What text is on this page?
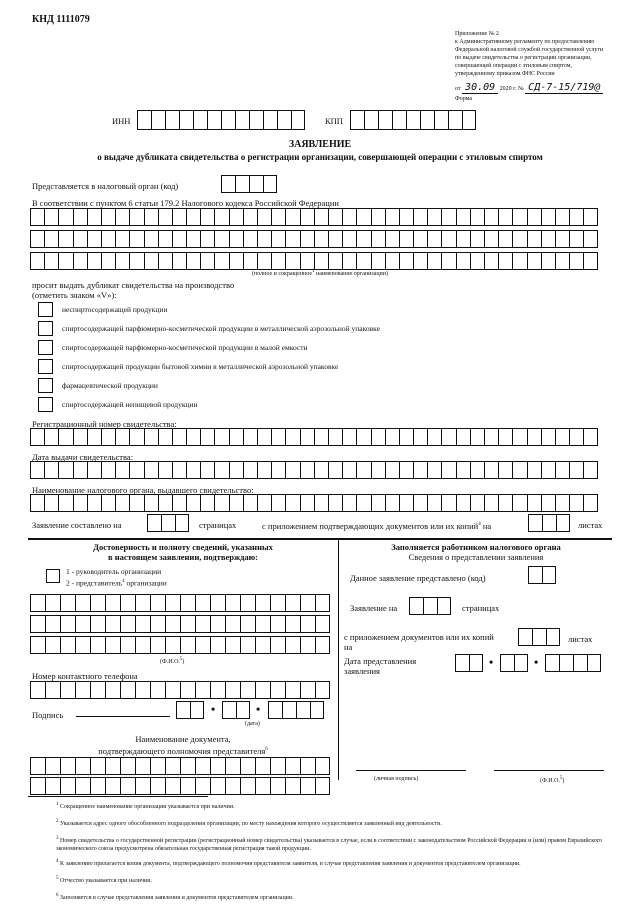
КНД 1111079
Приложение № 2
к Административному регламенту по предоставлению
Федеральной налоговой службой государственной услуги
по выдаче свидетельства о регистрации организации,
совершающей операции с этиловым спиртом,
утвержденному приказом ФНС России
от 30.09 2020 г. № СД-7-15/719@
Форма
ИНН	КПП
ЗАЯВЛЕНИЕ
о выдаче дубликата свидетельства о регистрации организации, совершающей операции с этиловым спиртом
Представляется в налоговый орган (код)
В соответствии с пунктом 6 статьи 179.2 Налогового кодекса Российской Федерации
(полное и сокращенное$^1$ наименование организации)
просит выдать дубликат свидетельства на производство
(отметить знаком «V»):
неспиртосодержащей продукции
спиртосодержащей парфюмерно-косметической продукции в металлической аэрозольной упаковке
спиртосодержащей парфюмерно-косметической продукции в малой емкости
спиртосодержащей продукции бытовой химии в металлической аэрозольной упаковке
фармацевтической продукции
спиртосодержащей непищевой продукции
Регистрационный номер свидетельства:
Дата выдачи свидетельства:
Наименование налогового органа, выдавшего свидетельство:
Заявление составлено на	страницах	с приложением подтверждающих документов или их копий$^4$ на	листах
Достоверность и полноту сведений, указанных
в настоящем заявлении, подтверждаю:
1 - руководитель организации
2 - представитель$^4$ организации
(Ф.И.О.$^5$)
Номер контактного телефона
Подпись	•	•
(дата)
Наименование документа,
подтверждающего полномочия представителя$^6$
Заполняется работником налогового органа
Сведения о представлении заявления
Данное заявление представлено (код)
Заявление на	страницах
с приложением документов или их копий
на
листах
Дата представления
заявления
•	•
(личная подпись)	(Ф.И.О.$^5$)

$^1$ Сокращенное наименование организации указывается при наличии.

$^2$ Указывается адрес одного обособленного подразделения организации, по месту нахождения которого осуществляется заявленный вид деятельности.

$^3$ Номер свидетельства о государственной регистрации (регистрационный номер свидетельства) указывается в случае, если в соответствии с законодательством Российской Федерации и (или) правом Евразийского экономического союза предусмотрена обязательная государственная регистрация такой продукции.

$^4$ К заявлению прилагается копия документа, подтверждающего полномочия представителя заявителя, в случае представления заявления и документов представителем организации.

$^5$ Отчество указывается при наличии.

$^6$ Заполняется в случае представления заявления и документов представителем организации.
